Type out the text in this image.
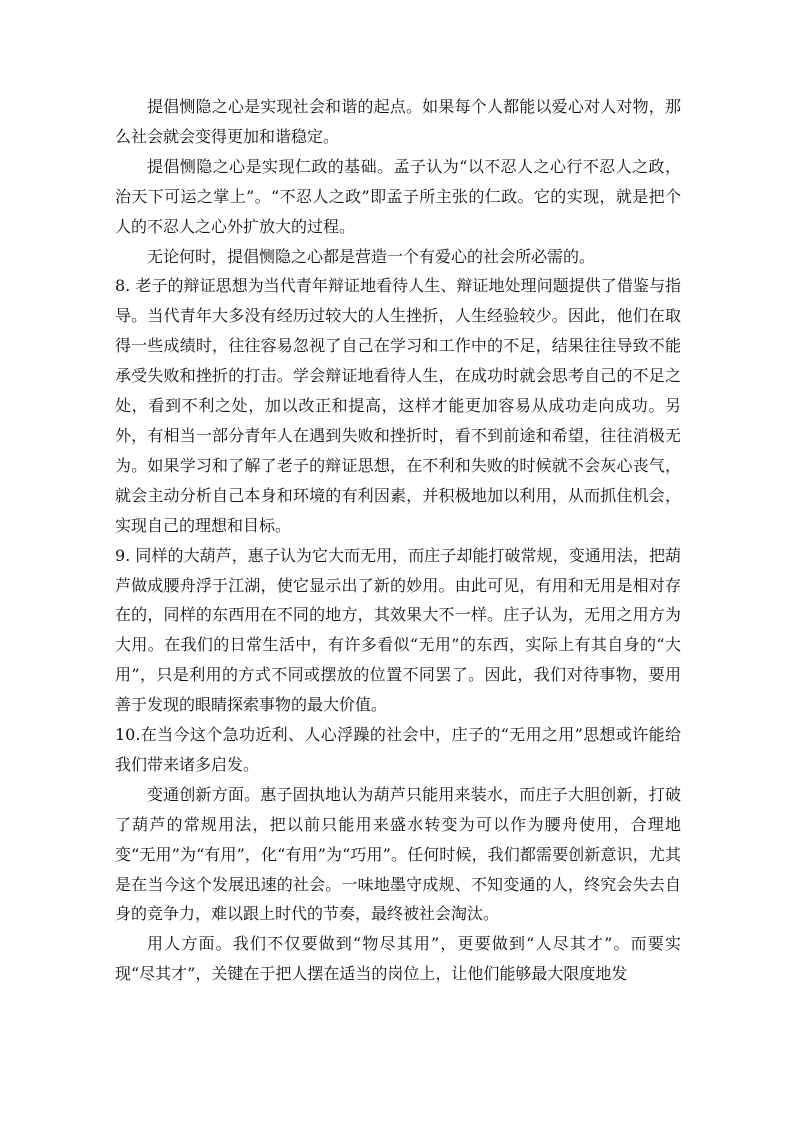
提倡恻隐之心是实现社会和谐的起点。如果每个人都能以爱心对人对物，那么社会就会变得更加和谐稳定。

提倡恻隐之心是实现仁政的基础。孟子认为“以不忍人之心行不忍人之政，治天下可运之掌上”。“不忍人之政”即孟子所主张的仁政。它的实现，就是把个人的不忍人之心外扩放大的过程。

无论何时，提倡恻隐之心都是营造一个有爱心的社会所必需的。

8. 老子的辩证思想为当代青年辩证地看待人生、辩证地处理问题提供了借鉴与指导。当代青年大多没有经历过较大的人生挫折，人生经验较少。因此，他们在取得一些成绩时，往往容易忽视了自己在学习和工作中的不足，结果往往导致不能承受失败和挫折的打击。学会辩证地看待人生，在成功时就会思考自己的不足之处，看到不利之处，加以改正和提高，这样才能更加容易从成功走向成功。另外，有相当一部分青年人在遇到失败和挫折时，看不到前途和希望，往往消极无为。如果学习和了解了老子的辩证思想，在不利和失败的时候就不会灰心丧气，就会主动分析自己本身和环境的有利因素，并积极地加以利用，从而抓住机会，实现自己的理想和目标。

9. 同样的大葫芦，惠子认为它大而无用，而庄子却能打破常规，变通用法，把葫芦做成腰舟浮于江湖，使它显示出了新的妙用。由此可见，有用和无用是相对存在的，同样的东西用在不同的地方，其效果大不一样。庄子认为，无用之用方为大用。在我们的日常生活中，有许多看似“无用”的东西，实际上有其自身的“大用”，只是利用的方式不同或摆放的位置不同罢了。因此，我们对待事物，要用善于发现的眼睛探索事物的最大价值。

10.在当今这个急功近利、人心浮躁的社会中，庄子的“无用之用”思想或许能给我们带来诸多启发。

变通创新方面。惠子固执地认为葫芦只能用来装水，而庄子大胆创新，打破了葫芦的常规用法，把以前只能用来盛水转变为可以作为腰舟使用，合理地变“无用”为“有用”，化“有用”为“巧用”。任何时候，我们都需要创新意识，尤其是在当今这个发展迅速的社会。一味地墨守成规、不知变通的人，终究会失去自身的竞争力，难以跟上时代的节奏，最终被社会淘汰。

用人方面。我们不仅要做到“物尽其用”，更要做到“人尽其才”。而要实现“尽其才”，关键在于把人摆在适当的岗位上，让他们能够最大限度地发
